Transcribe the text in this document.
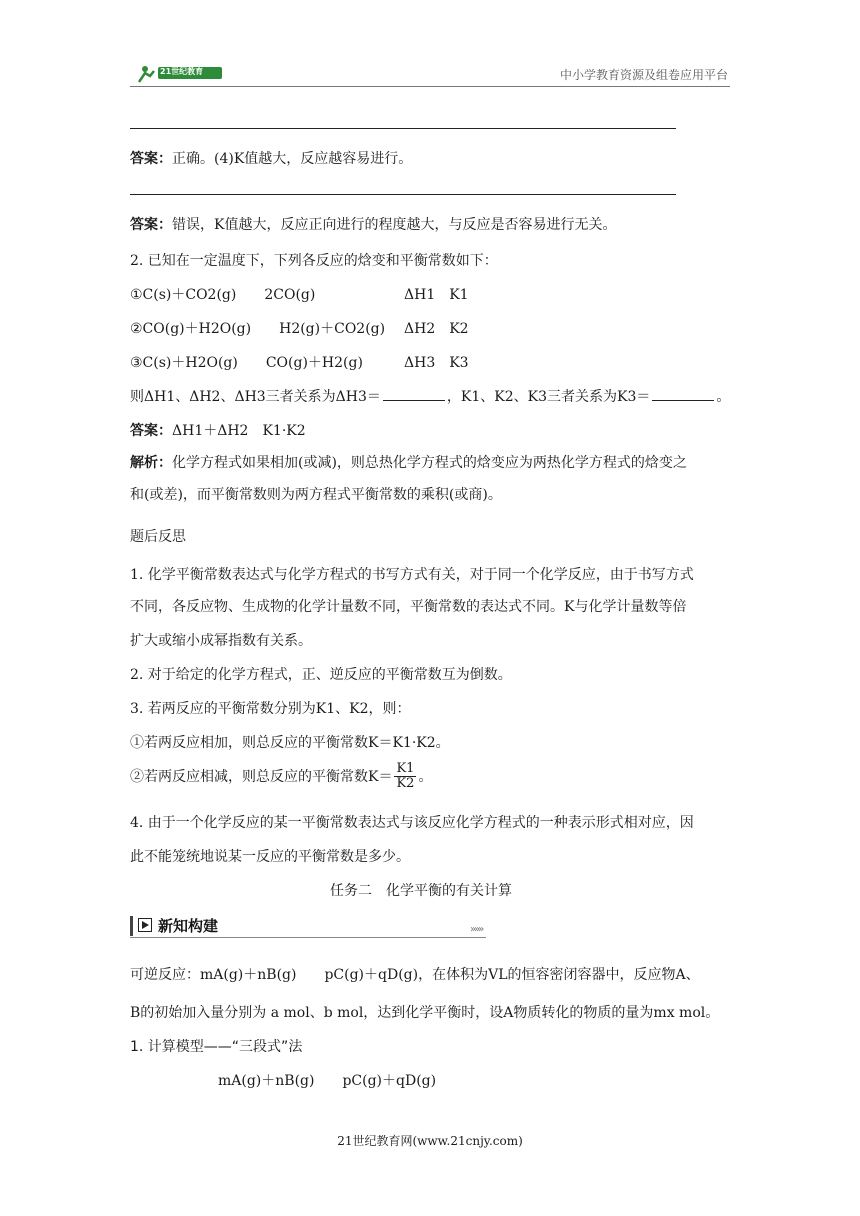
21世纪教育	中小学教育资源及组卷应用平台
答案：正确。(4)K值越大，反应越容易进行。
答案：错误，K值越大，反应正向进行的程度越大，与反应是否容易进行无关。
2. 已知在一定温度下，下列各反应的焓变和平衡常数如下：
①C(s)＋CO2(g)　　2CO(g)	ΔH1　K1
②CO(g)＋H2O(g)　　H2(g)＋CO2(g) ΔH2　K2
③C(s)＋H2O(g)　　CO(g)＋H2(g)	ΔH3　K3
则ΔH1、ΔH2、ΔH3三者关系为ΔH3＝	，K1、K2、K3三者关系为K3＝	。
答案：ΔH1＋ΔH2　K1·K2
解析：化学方程式如果相加(或减)，则总热化学方程式的焓变应为两热化学方程式的焓变之
和(或差)，而平衡常数则为两方程式平衡常数的乘积(或商)。
题后反思
1. 化学平衡常数表达式与化学方程式的书写方式有关，对于同一个化学反应，由于书写方式
不同，各反应物、生成物的化学计量数不同，平衡常数的表达式不同。K与化学计量数等倍
扩大或缩小成幂指数有关系。
2. 对于给定的化学方程式，正、逆反应的平衡常数互为倒数。
3. 若两反应的平衡常数分别为K1、K2，则：
①若两反应相加，则总反应的平衡常数K＝K1·K2。
②若两反应相减，则总反应的平衡常数$K= \frac{K1}{K2}$ 。
4. 由于一个化学反应的某一平衡常数表达式与该反应化学方程式的一种表示形式相对应，因
此不能笼统地说某一反应的平衡常数是多少。
任务二　化学平衡的有关计算
新知构建	»»»
可逆反应：mA(g)＋nB(g)　　pC(g)＋qD(g)，在体积为VL的恒容密闭容器中，反应物A、
B的初始加入量分别为 a mol、b mol，达到化学平衡时，设A物质转化的物质的量为mx mol。
1. 计算模型——“三段式”法
mA(g)＋nB(g)　　pC(g)＋qD(g)
21世纪教育网(www.21cnjy.com)
